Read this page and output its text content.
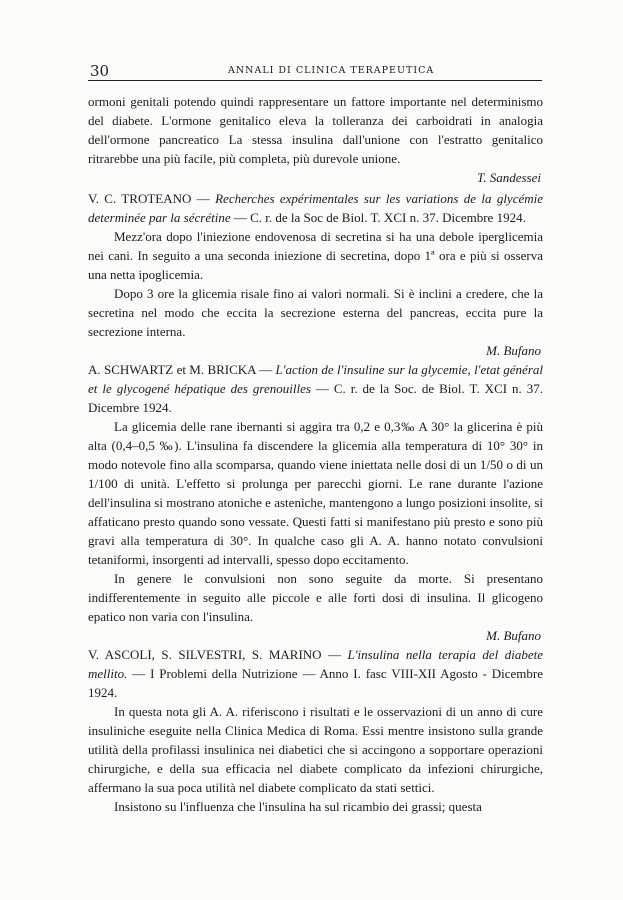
30	ANNALI DI CLINICA TERAPEUTICA

ormoni genitali potendo quindi rappresentare un fattore importante nel determinismo del diabete. L'ormone genitalico eleva la tolleranza dei carboidrati in analogia dell'ormone pancreatico La stessa insulina dall'unione con l'estratto genitalico ritrarebbe una più facile, più completa, più durevole unione.

T. Sandessei

V. C. TROTEANO — Recherches expérimentales sur les variations de la glycémie determinée par la sécrétine — C. r. de la Soc de Biol. T. XCI n. 37. Dicembre 1924.

Mezz'ora dopo l'iniezione endovenosa di secretina si ha una debole iperglicemia nei cani. In seguito a una seconda iniezione di secretina, dopo 1ª ora e più si osserva una netta ipoglicemia.

Dopo 3 ore la glicemia risale fino ai valori normali. Si è inclini a credere, che la secretina nel modo che eccita la secrezione esterna del pancreas, eccita pure la secrezione interna.

M. Bufano

A. SCHWARTZ et M. BRICKA — L'action de l'insuline sur la glycemie, l'etat général et le glycogené hépatique des grenouilles — C. r. de la Soc. de Biol. T. XCI n. 37. Dicembre 1924.

La glicemia delle rane ibernanti si aggira tra 0,2 e 0,3‰ A 30° la glicerina è più alta (0,4–0,5 ‰). L'insulina fa discendere la glicemia alla temperatura di 10° 30° in modo notevole fino alla scomparsa, quando viene iniettata nelle dosi di un 1/50 o di un 1/100 di unità. L'effetto si prolunga per parecchi giorni. Le rane durante l'azione dell'insulina si mostrano atoniche e astenìche, mantengono a lungo posizioni insolite, si affaticano presto quando sono vessate. Questi fatti si manifestano più presto e sono più gravi alla temperatura di 30°. In qualche caso gli A. A. hanno notato convulsioni tetaniformi, insorgenti ad intervalli, spesso dopo eccitamento.

In genere le convulsioni non sono seguite da morte. Si presentano indifferentemente in seguito alle piccole e alle forti dosi di insulina. Il glicogeno epatico non varia con l'insulina.

M. Bufano

V. ASCOLI, S. SILVESTRI, S. MARINO — L'insulina nella terapia del diabete mellito. — I Problemi della Nutrizione — Anno I. fasc VIII-XII Agosto - Dicembre 1924.

In questa nota gli A. A. riferiscono i risultati e le osservazioni di un anno di cure insuliniche eseguite nella Clinica Medica di Roma. Essi mentre insistono sulla grande utilità della profilassi insulinica nei diabetici che si accingono a sopportare operazioni chirurgiche, e della sua efficacia nel diabete complicato da infezioni chirurgiche, affermano la sua poca utilità nel diabete complicato da stati settici.

Insistono su l'influenza che l'insulina ha sul ricambio dei grassi; questa
